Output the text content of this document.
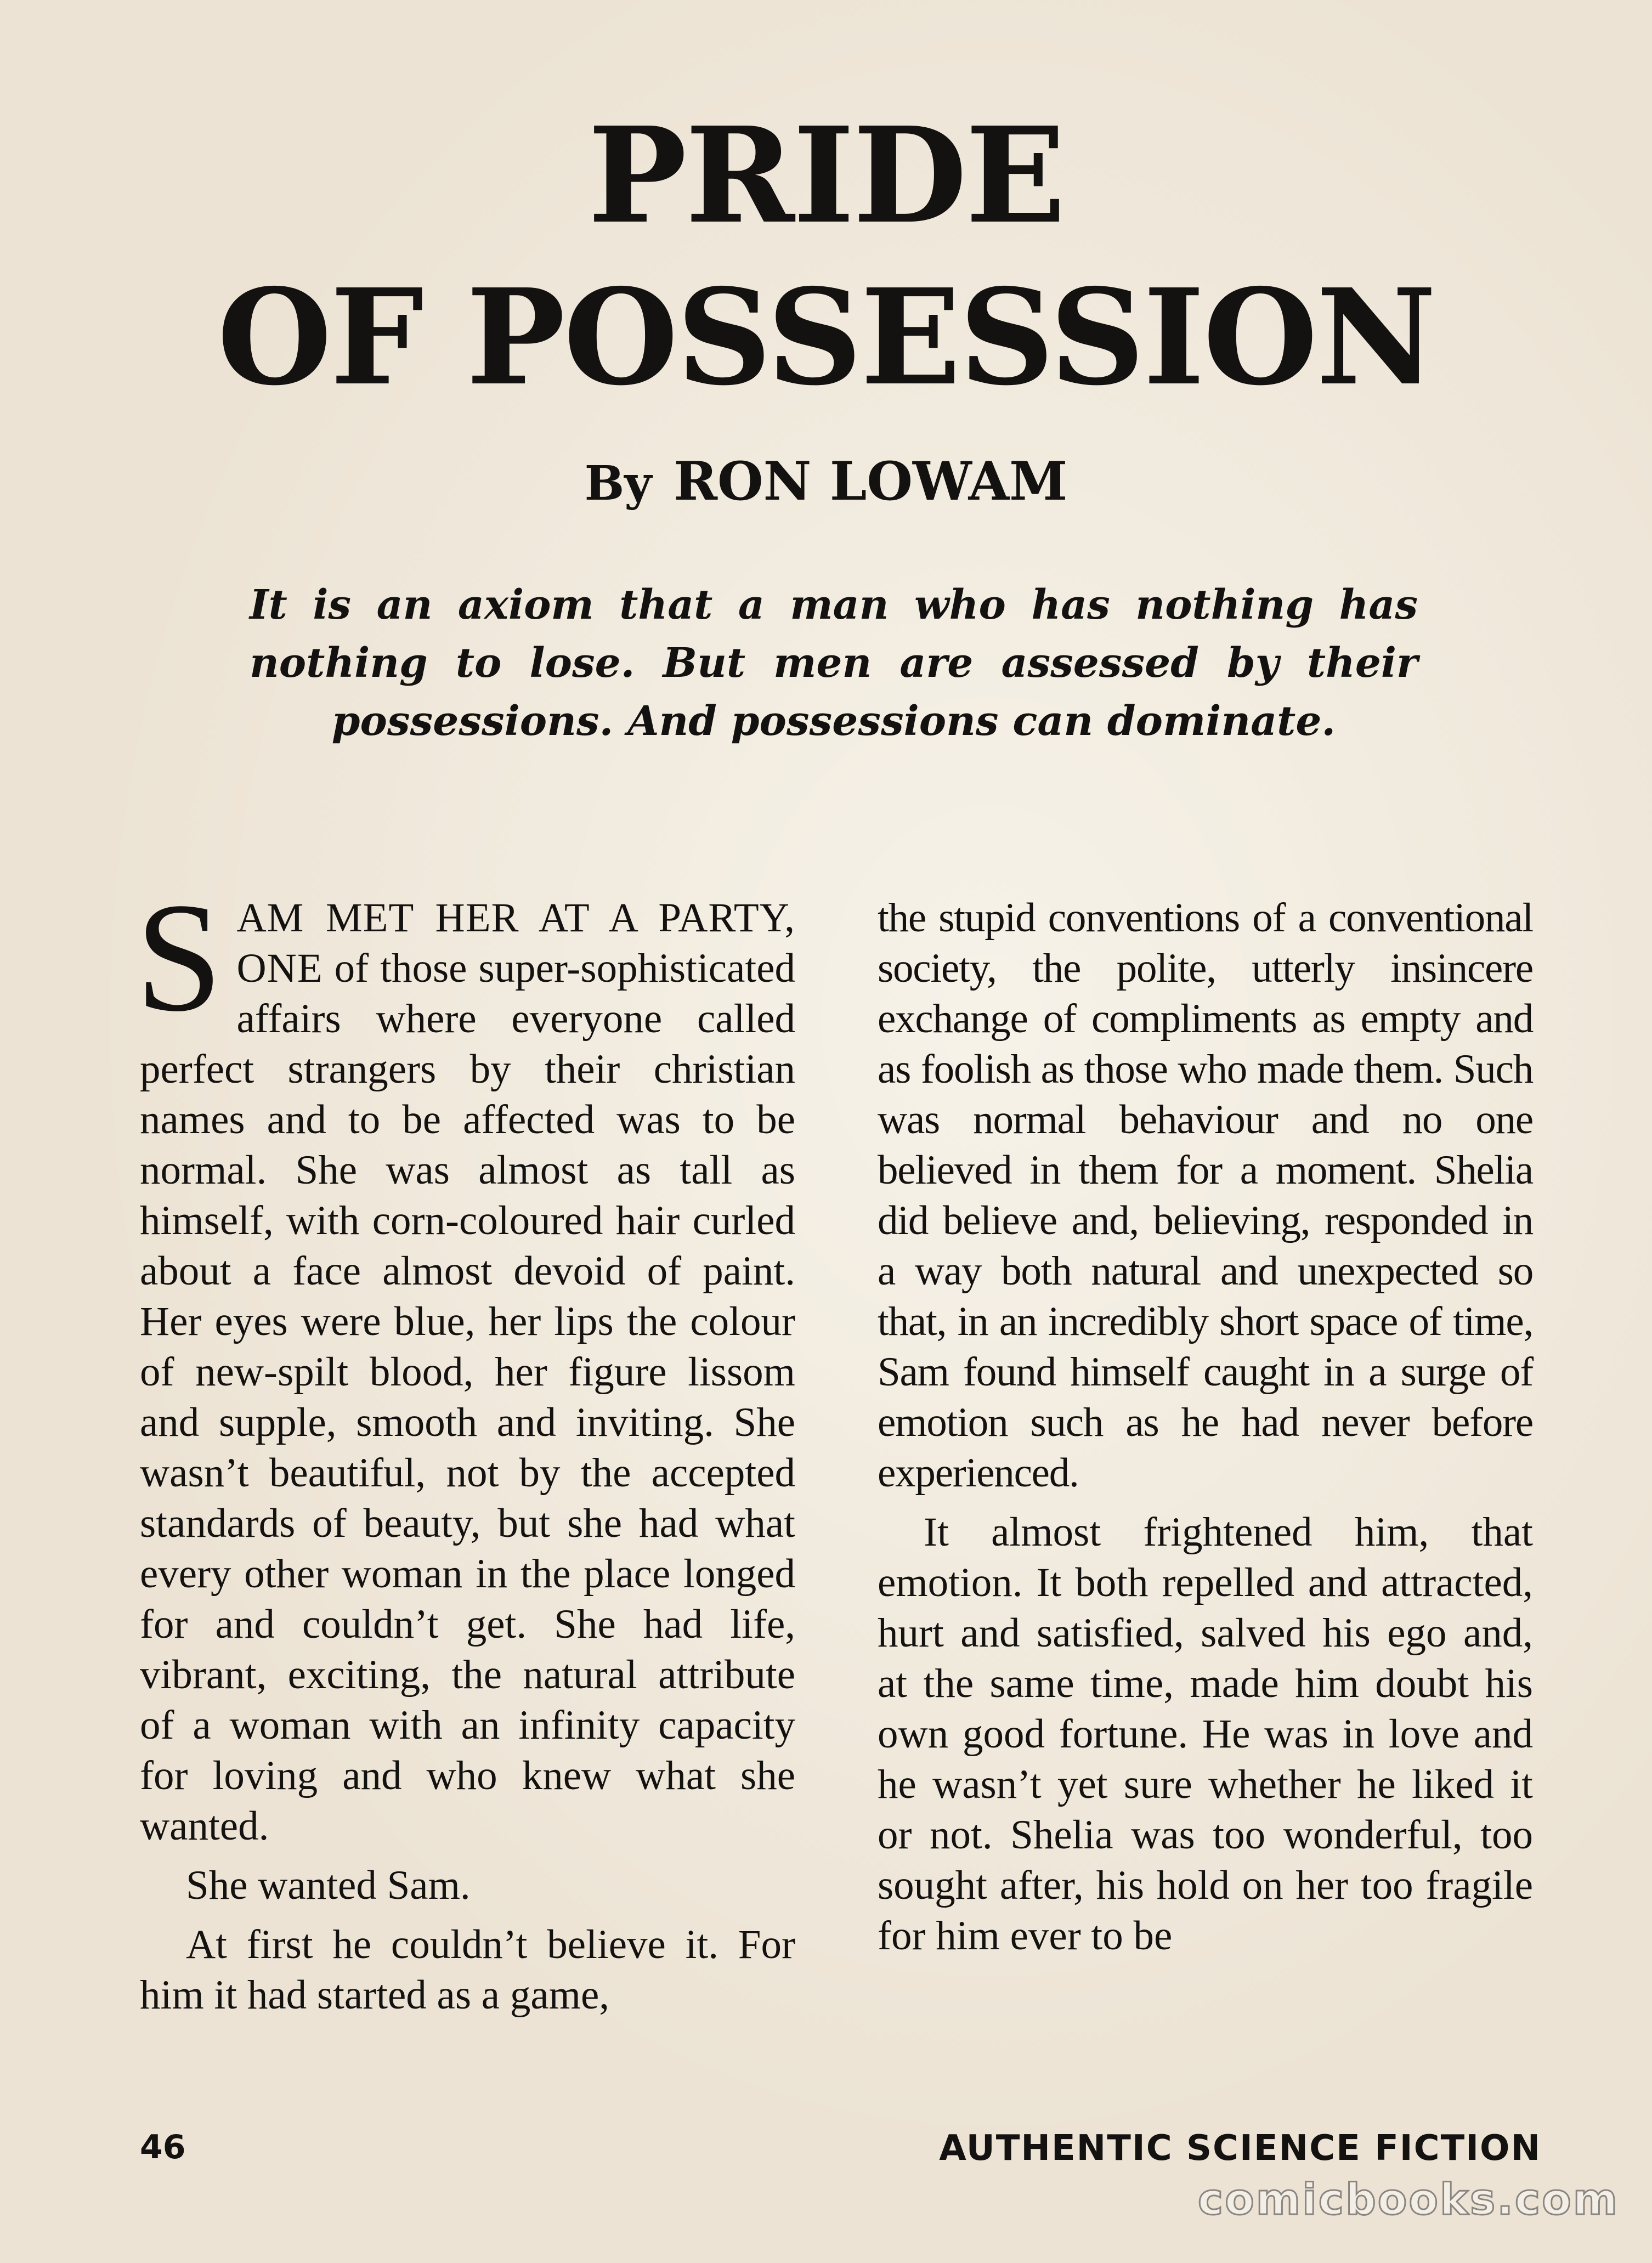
PRIDE
OF POSSESSION
By RON LOWAM
It is an axiom that a man who has nothing has nothing to lose. But men are assessed by their possessions. And possessions can dominate.

SAM MET HER AT A PARTY, ONE of those super-sophisticated affairs where everyone called perfect strangers by their christian names and to be affected was to be normal. She was almost as tall as himself, with corn-coloured hair curled about a face almost devoid of paint. Her eyes were blue, her lips the colour of new-spilt blood, her figure lissom and supple, smooth and inviting. She wasn’t beautiful, not by the accepted standards of beauty, but she had what every other woman in the place longed for and couldn’t get. She had life, vibrant, exciting, the natural attribute of a woman with an infinity capacity for loving and who knew what she wanted.

She wanted Sam.

At first he couldn’t believe it. For him it had started as a game,

the stupid conventions of a conventional society, the polite, utterly insincere exchange of compliments as empty and as foolish as those who made them. Such was normal behaviour and no one believed in them for a moment. Shelia did believe and, believing, responded in a way both natural and unexpected so that, in an incredibly short space of time, Sam found himself caught in a surge of emotion such as he had never before experienced.

It almost frightened him, that emotion. It both repelled and attracted, hurt and satisfied, salved his ego and, at the same time, made him doubt his own good fortune. He was in love and he wasn’t yet sure whether he liked it or not. Shelia was too wonderful, too sought after, his hold on her too fragile for him ever to be

46	AUTHENTIC SCIENCE FICTION
comicbooks.com
